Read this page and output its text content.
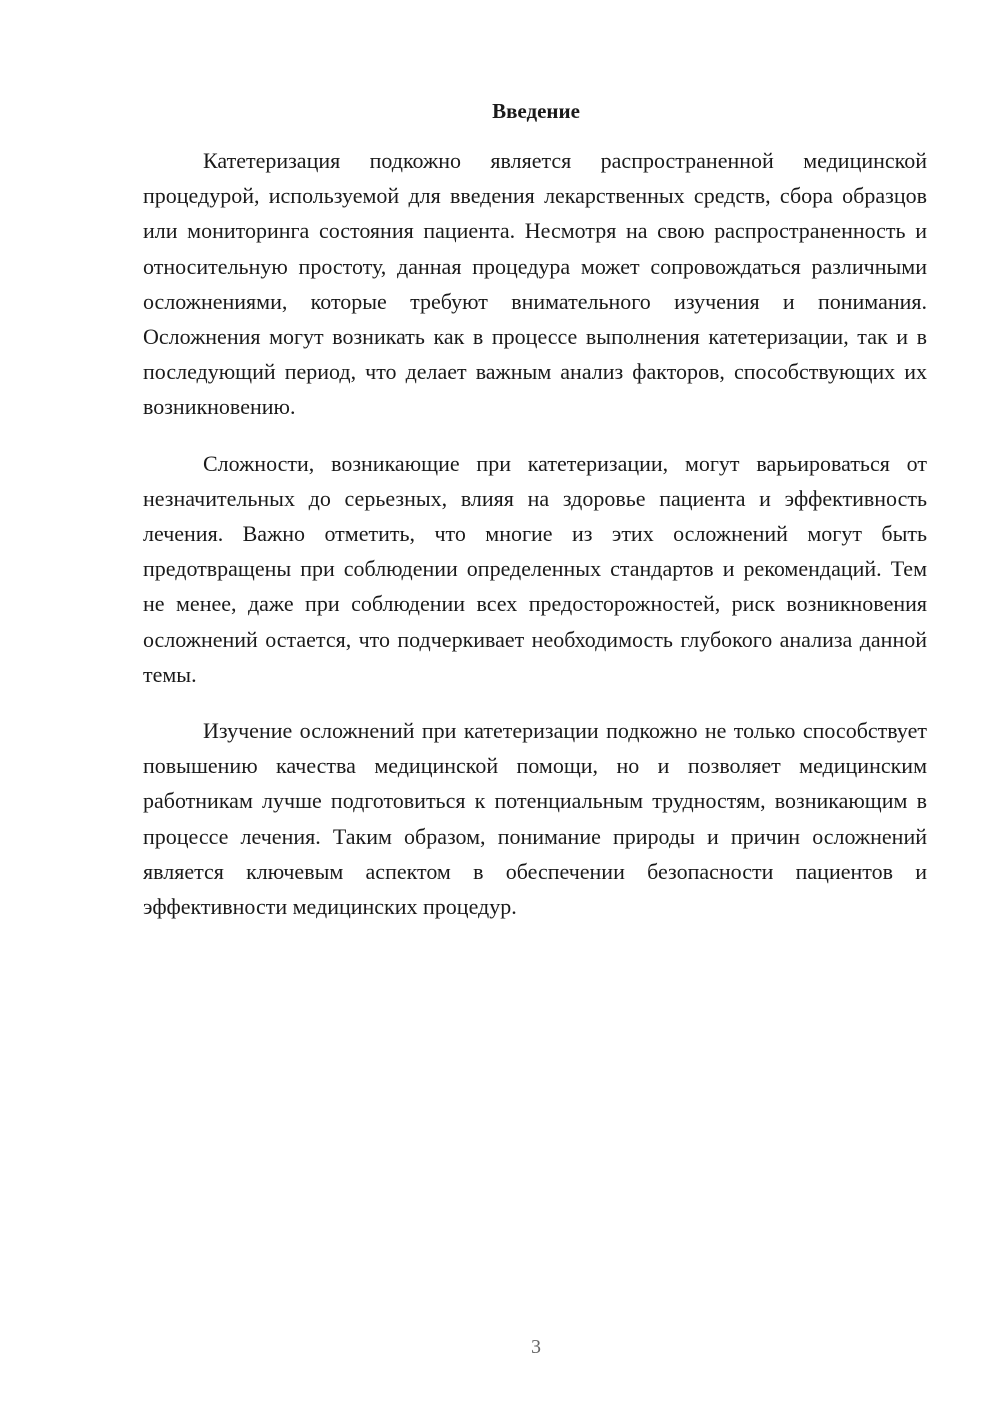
Введение

Катетеризация подкожно является распространенной медицинской процедурой, используемой для введения лекарственных средств, сбора образцов или мониторинга состояния пациента. Несмотря на свою распространенность и относительную простоту, данная процедура может сопровождаться различными осложнениями, которые требуют внимательного изучения и понимания. Осложнения могут возникать как в процессе выполнения катетеризации, так и в последующий период, что делает важным анализ факторов, способствующих их возникновению.

Сложности, возникающие при катетеризации, могут варьироваться от незначительных до серьезных, влияя на здоровье пациента и эффективность лечения. Важно отметить, что многие из этих осложнений могут быть предотвращены при соблюдении определенных стандартов и рекомендаций. Тем не менее, даже при соблюдении всех предосторожностей, риск возникновения осложнений остается, что подчеркивает необходимость глубокого анализа данной темы.

Изучение осложнений при катетеризации подкожно не только способствует повышению качества медицинской помощи, но и позволяет медицинским работникам лучше подготовиться к потенциальным трудностям, возникающим в процессе лечения. Таким образом, понимание природы и причин осложнений является ключевым аспектом в обеспечении безопасности пациентов и эффективности медицинских процедур.

3
